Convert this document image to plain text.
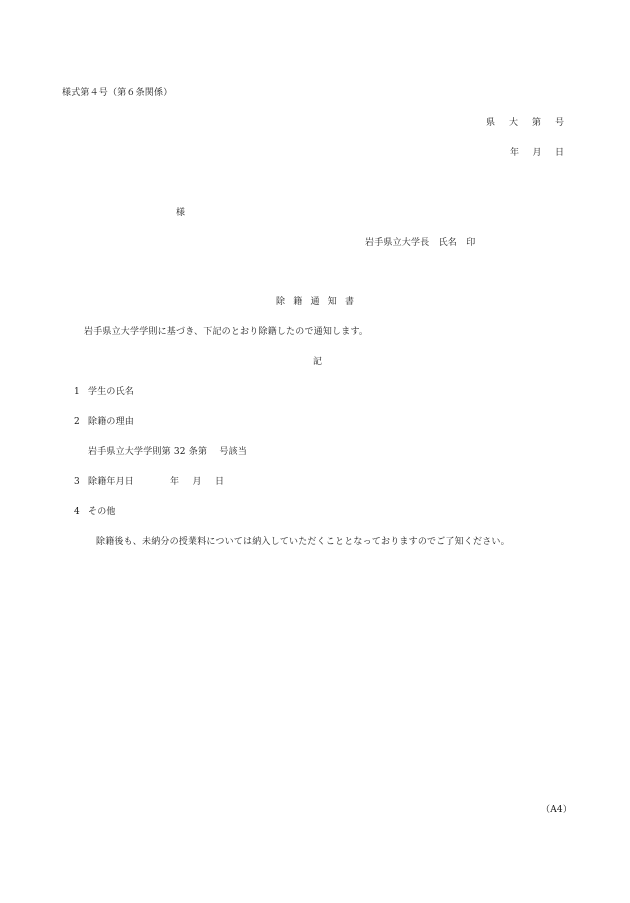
様式第４号（第６条関係）
県 大 第 号
年 月 日
様
岩手県立大学長　氏名　印
除 籍 通 知 書
岩手県立大学学則に基づき、下記のとおり除籍したので通知します。
記
1 学生の氏名
2 除籍の理由
岩手県立大学学則第 32 条第　 号該当
3 除籍年月日	年 月 日
4 その他
除籍後も、未納分の授業料については納入していただくこととなっておりますのでご了知ください。
（A4）
